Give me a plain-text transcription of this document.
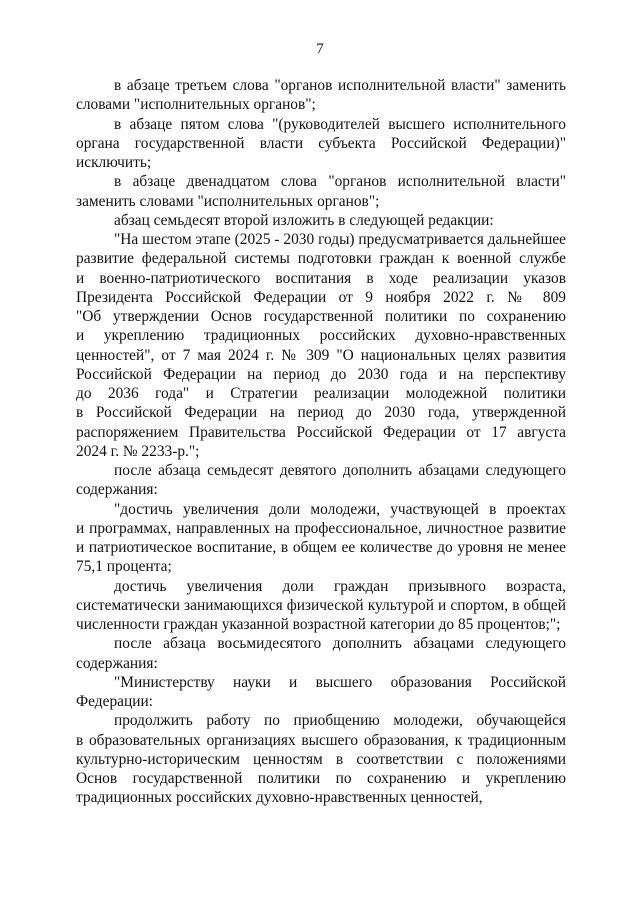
7

в абзаце третьем слова "органов исполнительной власти" заменить

словами "исполнительных органов";

в абзаце пятом слова "(руководителей высшего исполнительного

органа государственной власти субъекта Российской Федерации)"

исключить;

в абзаце двенадцатом слова "органов исполнительной власти"

заменить словами "исполнительных органов";

абзац семьдесят второй изложить в следующей редакции:

"На шестом этапе (2025 - 2030 годы) предусматривается дальнейшее

развитие федеральной системы подготовки граждан к военной службе

и военно-патриотического воспитания в ходе реализации указов

Президента Российской Федерации от 9 ноября 2022 г. № 809

"Об утверждении Основ государственной политики по сохранению

и укреплению традиционных российских духовно-нравственных

ценностей", от 7 мая 2024 г. № 309 "О национальных целях развития

Российской Федерации на период до 2030 года и на перспективу

до 2036 года" и Стратегии реализации молодежной политики

в Российской Федерации на период до 2030 года, утвержденной

распоряжением Правительства Российской Федерации от 17 августа

2024 г. № 2233-р.";

после абзаца семьдесят девятого дополнить абзацами следующего

содержания:

"достичь увеличения доли молодежи, участвующей в проектах

и программах, направленных на профессиональное, личностное развитие

и патриотическое воспитание, в общем ее количестве до уровня не менее

75,1 процента;

достичь увеличения доли граждан призывного возраста,

систематически занимающихся физической культурой и спортом, в общей

численности граждан указанной возрастной категории до 85 процентов;";

после абзаца восьмидесятого дополнить абзацами следующего

содержания:

"Министерству науки и высшего образования Российской

Федерации:

продолжить работу по приобщению молодежи, обучающейся

в образовательных организациях высшего образования, к традиционным

культурно-историческим ценностям в соответствии с положениями

Основ государственной политики по сохранению и укреплению

традиционных российских духовно-нравственных ценностей,
